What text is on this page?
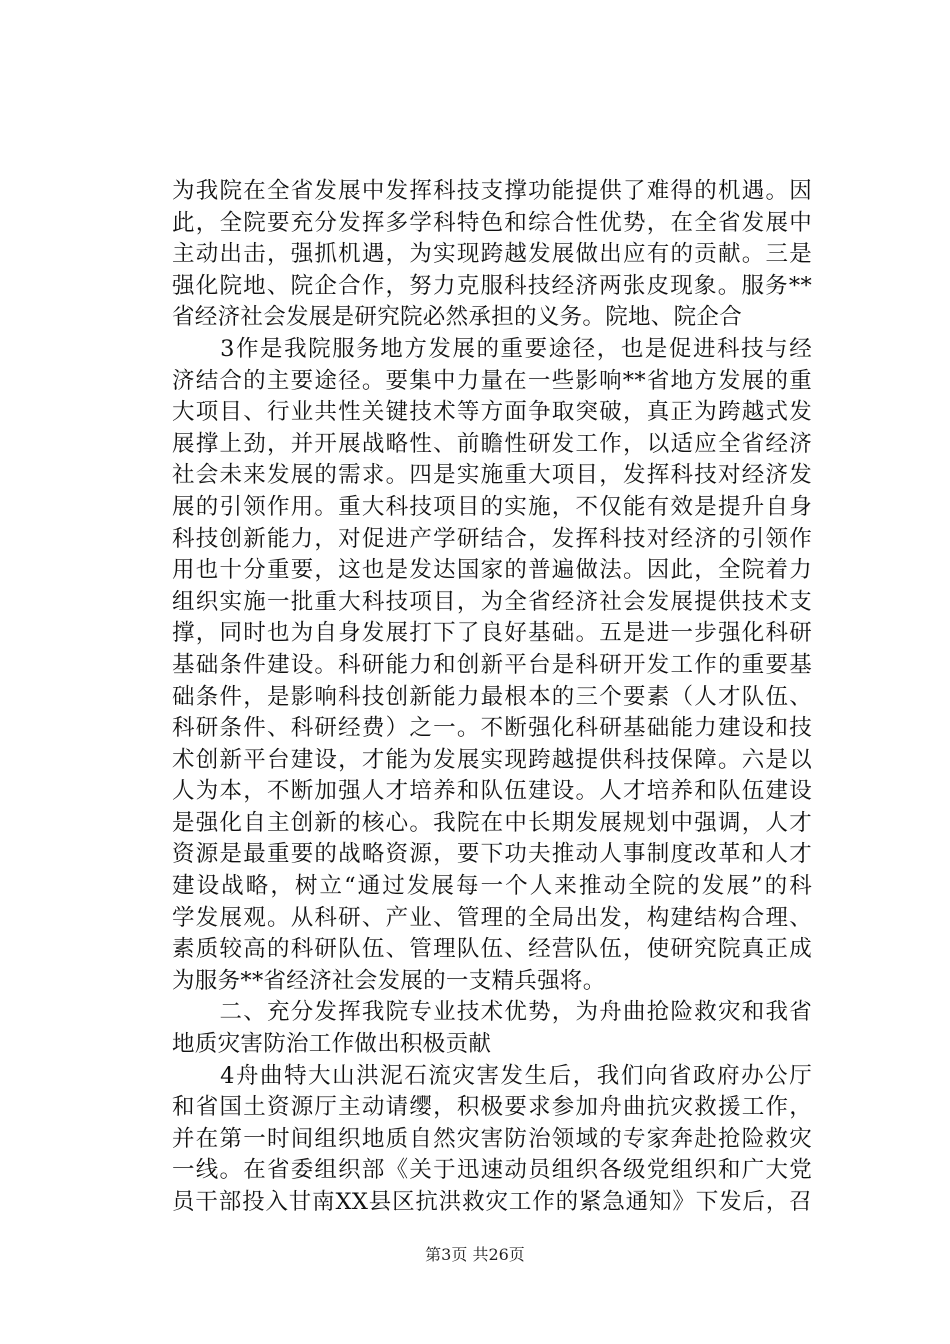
为我院在全省发展中发挥科技支撑功能提供了难得的机遇。因
此，全院要充分发挥多学科特色和综合性优势，在全省发展中
主动出击，强抓机遇，为实现跨越发展做出应有的贡献。三是
强化院地、院企合作，努力克服科技经济两张皮现象。服务**
省经济社会发展是研究院必然承担的义务。院地、院企合
　　3作是我院服务地方发展的重要途径，也是促进科技与经
济结合的主要途径。要集中力量在一些影响**省地方发展的重
大项目、行业共性关键技术等方面争取突破，真正为跨越式发
展撑上劲，并开展战略性、前瞻性研发工作，以适应全省经济
社会未来发展的需求。四是实施重大项目，发挥科技对经济发
展的引领作用。重大科技项目的实施，不仅能有效是提升自身
科技创新能力，对促进产学研结合，发挥科技对经济的引领作
用也十分重要，这也是发达国家的普遍做法。因此，全院着力
组织实施一批重大科技项目，为全省经济社会发展提供技术支
撑，同时也为自身发展打下了良好基础。五是进一步强化科研
基础条件建设。科研能力和创新平台是科研开发工作的重要基
础条件，是影响科技创新能力最根本的三个要素（人才队伍、
科研条件、科研经费）之一。不断强化科研基础能力建设和技
术创新平台建设，才能为发展实现跨越提供科技保障。六是以
人为本，不断加强人才培养和队伍建设。人才培养和队伍建设
是强化自主创新的核心。我院在中长期发展规划中强调，人才
资源是最重要的战略资源，要下功夫推动人事制度改革和人才
建设战略，树立“通过发展每一个人来推动全院的发展”的科
学发展观。从科研、产业、管理的全局出发，构建结构合理、
素质较高的科研队伍、管理队伍、经营队伍，使研究院真正成
为服务**省经济社会发展的一支精兵强将。
　　二、充分发挥我院专业技术优势，为舟曲抢险救灾和我省
地质灾害防治工作做出积极贡献
　　4舟曲特大山洪泥石流灾害发生后，我们向省政府办公厅
和省国土资源厅主动请缨，积极要求参加舟曲抗灾救援工作，
并在第一时间组织地质自然灾害防治领域的专家奔赴抢险救灾
一线。在省委组织部《关于迅速动员组织各级党组织和广大党
员干部投入甘南XX县区抗洪救灾工作的紧急通知》下发后，召
第3页 共26页
